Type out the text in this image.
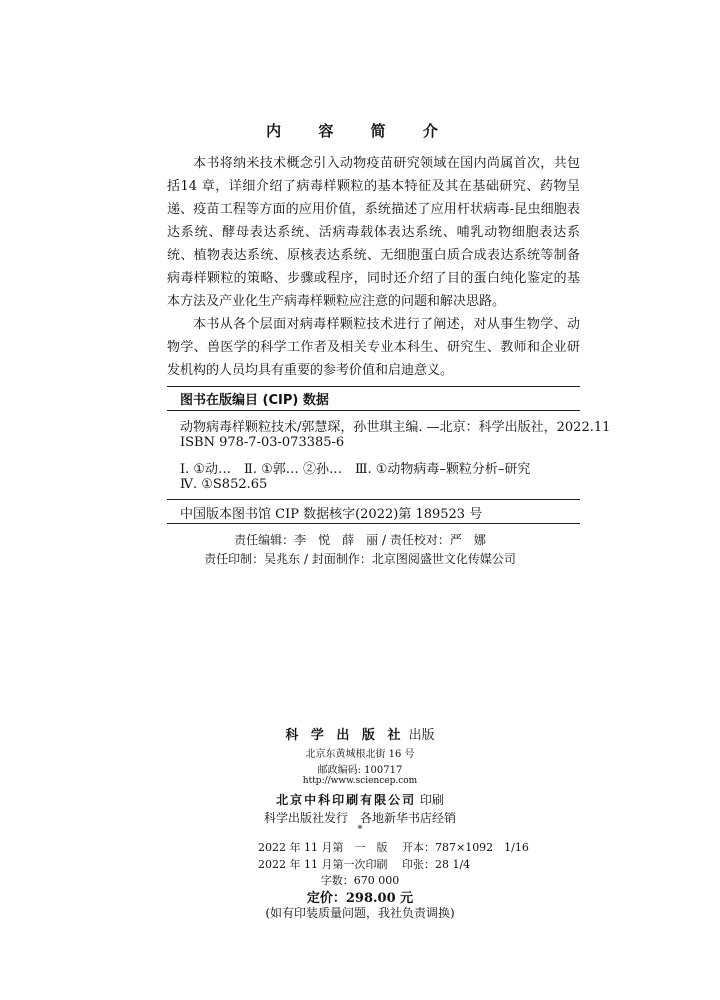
内 容 简 介

本书将纳米技术概念引入动物疫苗研究领域在国内尚属首次，共包括14 章，详细介绍了病毒样颗粒的基本特征及其在基础研究、药物呈递、疫苗工程等方面的应用价值，系统描述了应用杆状病毒-昆虫细胞表达系统、酵母表达系统、活病毒载体表达系统、哺乳动物细胞表达系统、植物表达系统、原核表达系统、无细胞蛋白质合成表达系统等制备病毒样颗粒的策略、步骤或程序，同时还介绍了目的蛋白纯化鉴定的基本方法及产业化生产病毒样颗粒应注意的问题和解决思路。

本书从各个层面对病毒样颗粒技术进行了阐述，对从事生物学、动物学、兽医学的科学工作者及相关专业本科生、研究生、教师和企业研发机构的人员均具有重要的参考价值和启迪意义。

图书在版编目 (CIP) 数据
动物病毒样颗粒技术/郭慧琛，孙世琪主编. —北京：科学出版社，2022.11
ISBN 978-7-03-073385-6
Ⅰ. ①动…　Ⅱ. ①郭… ②孙…　Ⅲ. ①动物病毒–颗粒分析–研究
Ⅳ. ①S852.65
中国版本图书馆 CIP 数据核字(2022)第 189523 号
责任编辑：李　悦　薛　丽 / 责任校对：严　娜
责任印制：吴兆东 / 封面制作：北京图阅盛世文化传媒公司
科 学 出 版 社 出版
北京东黄城根北街 16 号
邮政编码: 100717
http://www.sciencep.com
北京中科印刷有限公司 印刷
科学出版社发行　各地新华书店经销
*
2022 年 11 月第　一　版　 开本：787×1092　1/16
2022 年 11 月第一次印刷　 印张：28 1/4
字数：670 000
定价：298.00 元
(如有印装质量问题，我社负责调换)
